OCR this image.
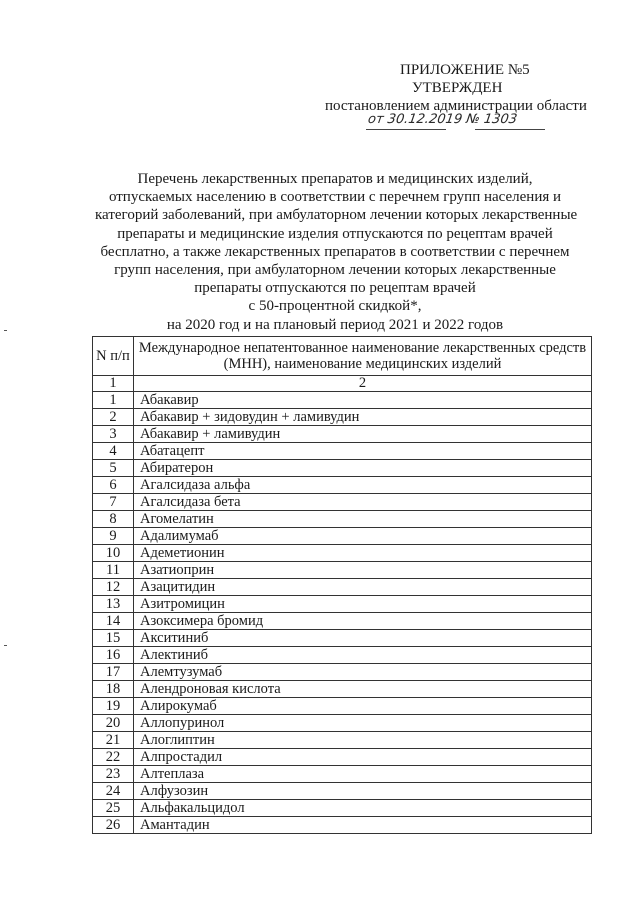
ПРИЛОЖЕНИЕ №5
УТВЕРЖДЕН
постановлением администрации области
от 30.12.2019 № 1303
Перечень лекарственных препаратов и медицинских изделий,
отпускаемых населению в соответствии с перечнем групп населения и
категорий заболеваний, при амбулаторном лечении которых лекарственные
препараты и медицинские изделия отпускаются по рецептам врачей
бесплатно, а также лекарственных препаратов в соответствии с перечнем
групп населения, при амбулаторном лечении которых лекарственные
препараты отпускаются по рецептам врачей
с 50-процентной скидкой*,
на 2020 год и на плановый период 2021 и 2022 годов
N п/п	Международное непатентованное наименование лекарственных средств (МНН), наименование медицинских изделий
1	2
1	Абакавир
2	Абакавир + зидовудин + ламивудин
3	Абакавир + ламивудин
4	Абатацепт
5	Абиратерон
6	Агалсидаза альфа
7	Агалсидаза бета
8	Агомелатин
9	Адалимумаб
10	Адеметионин
11	Азатиоприн
12	Азацитидин
13	Азитромицин
14	Азоксимера бромид
15	Акситиниб
16	Алектиниб
17	Алемтузумаб
18	Алендроновая кислота
19	Алирокумаб
20	Аллопуринол
21	Алоглиптин
22	Алпростадил
23	Алтеплаза
24	Алфузозин
25	Альфакальцидол
26	Амантадин
